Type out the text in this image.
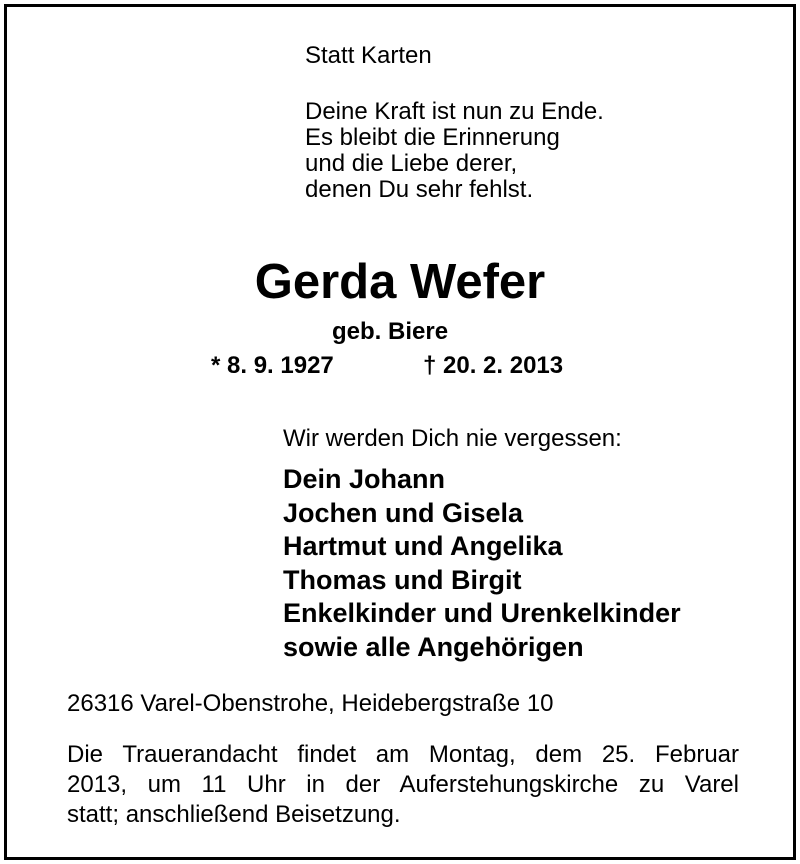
Statt Karten
Deine Kraft ist nun zu Ende.
Es bleibt die Erinnerung
und die Liebe derer,
denen Du sehr fehlst.
Gerda Wefer
geb. Biere
* 8. 9. 1927	† 20. 2. 2013
Wir werden Dich nie vergessen:
Dein Johann
Jochen und Gisela
Hartmut und Angelika
Thomas und Birgit
Enkelkinder und Urenkelkinder
sowie alle Angehörigen
26316 Varel-Obenstrohe, Heidebergstraße 10
Die Trauerandacht findet am Montag, dem 25. Februar
2013, um 11 Uhr in der Auferstehungskirche zu Varel
statt; anschließend Beisetzung.
